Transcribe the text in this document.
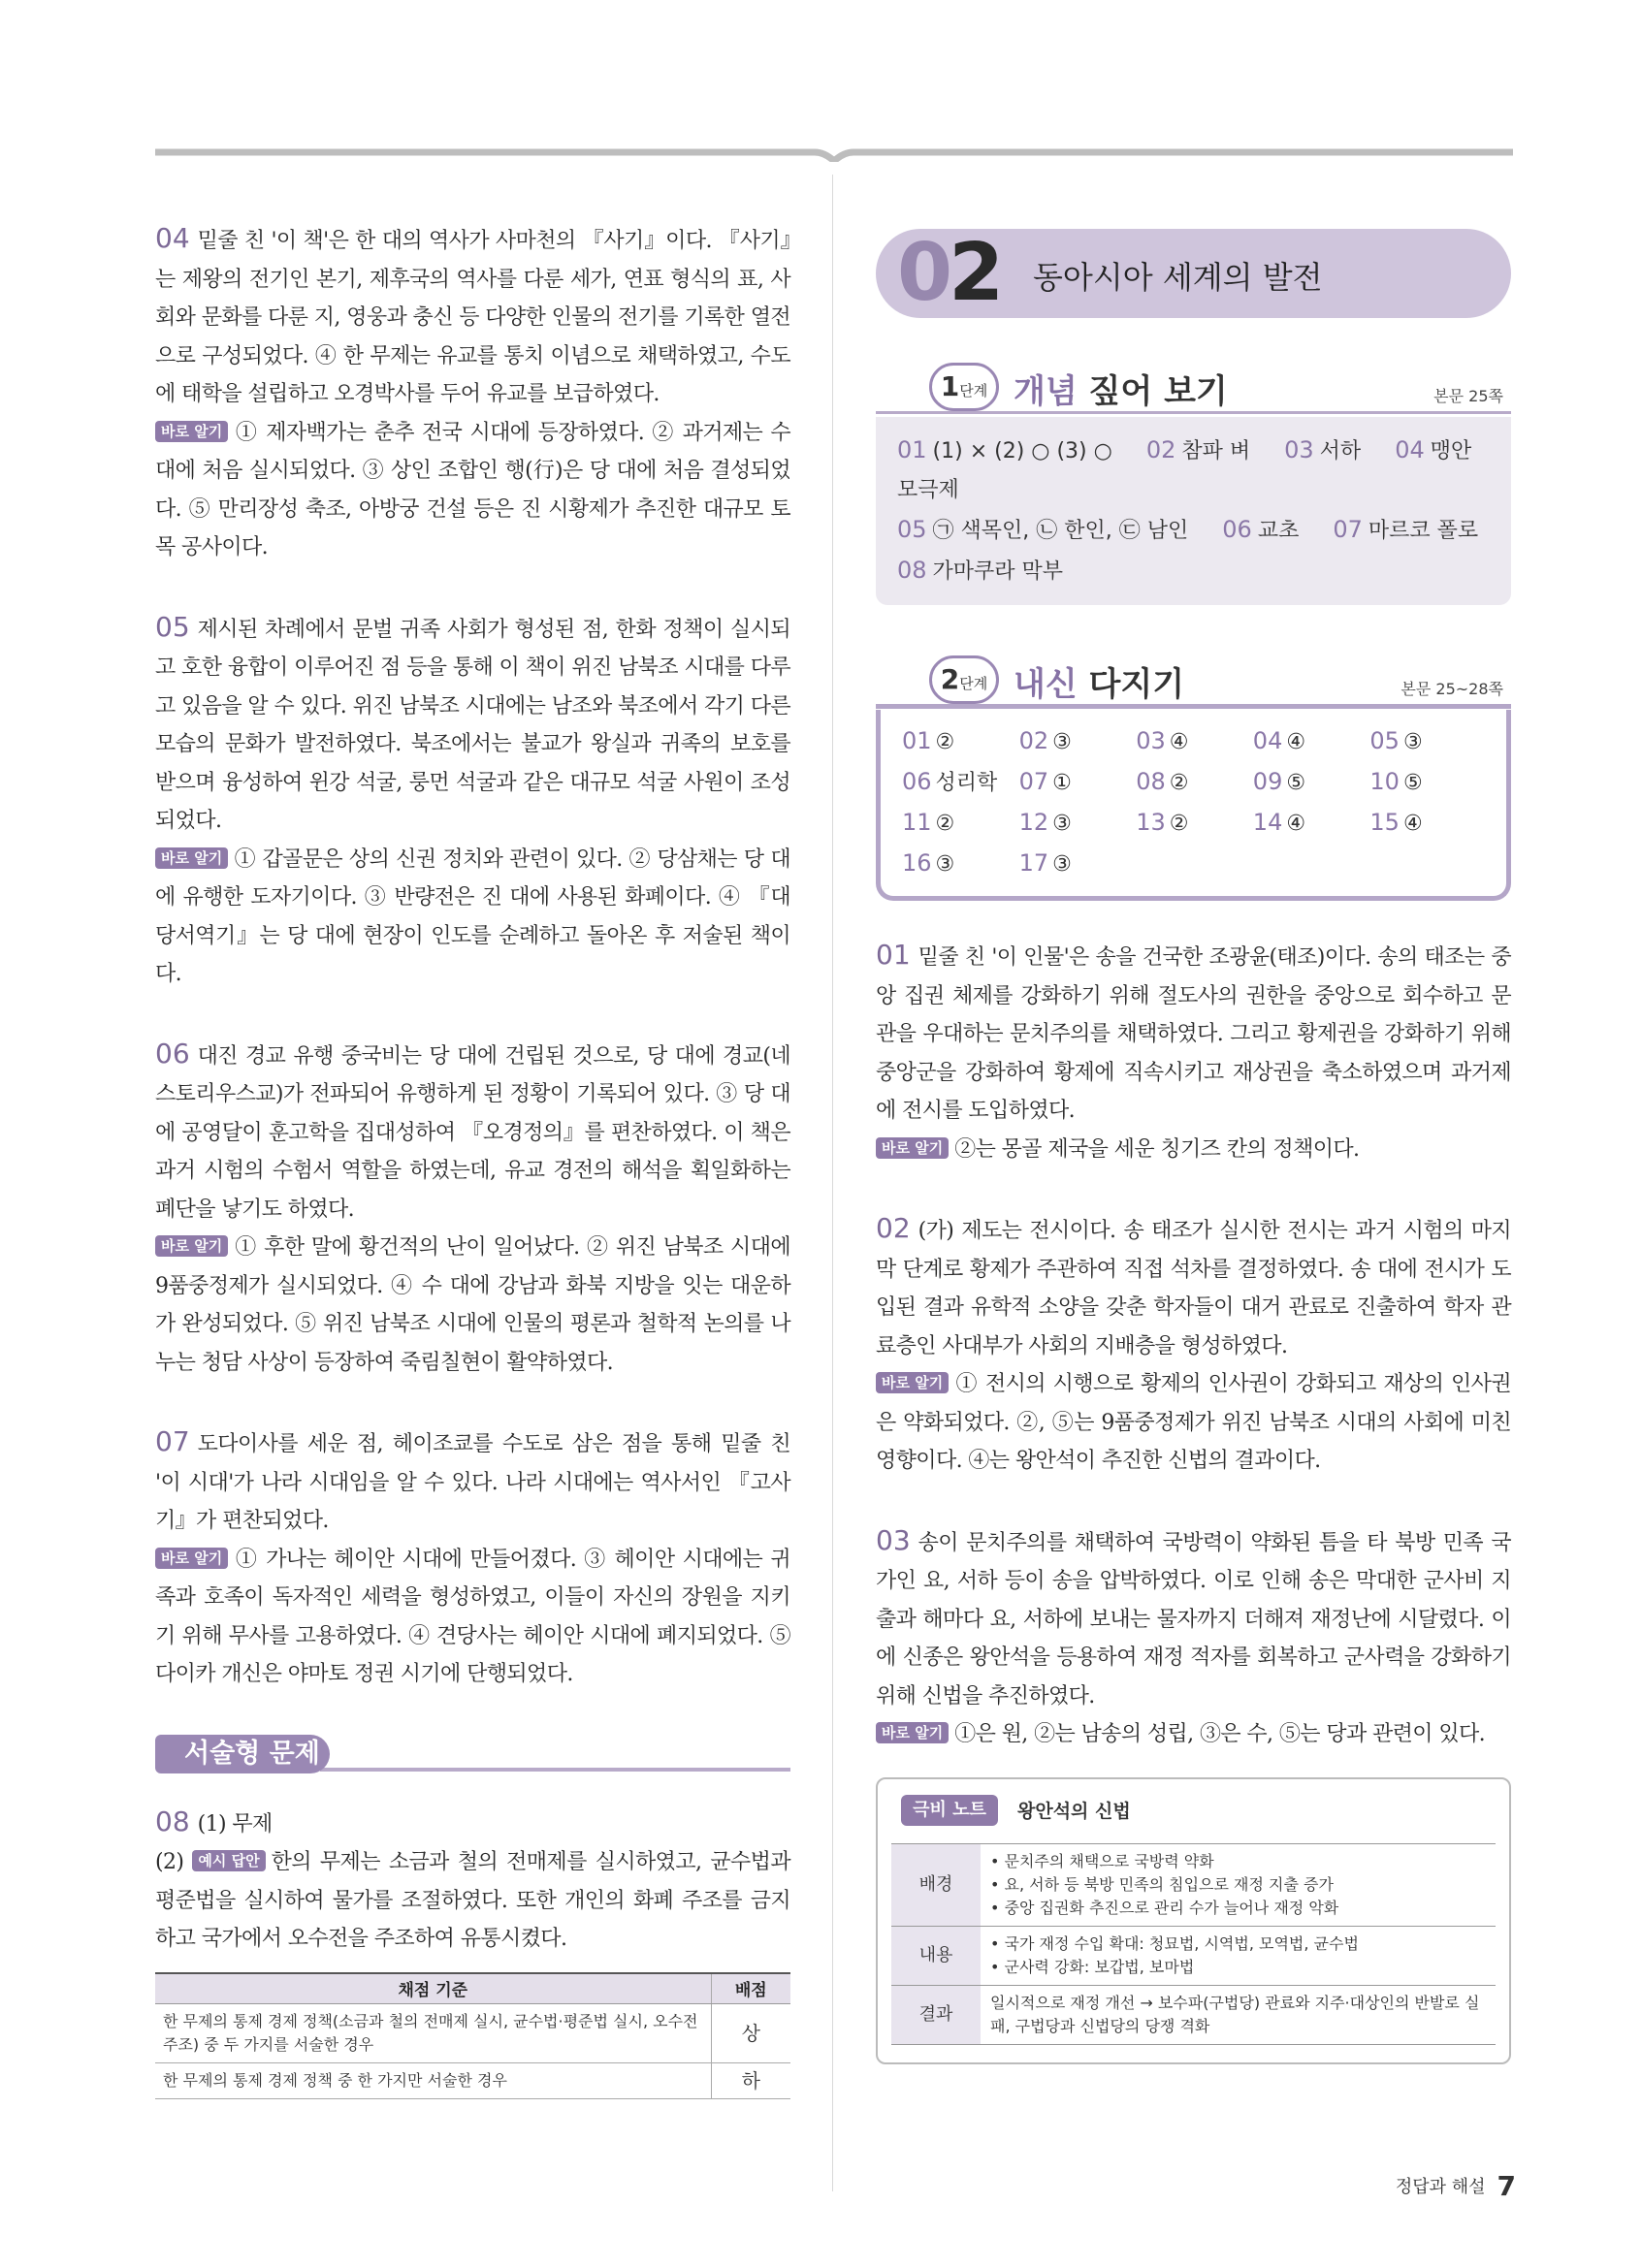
04 밑줄 친 '이 책'은 한 대의 역사가 사마천의 『사기』이다. 『사기』는 제왕의 전기인 본기, 제후국의 역사를 다룬 세가, 연표 형식의 표, 사회와 문화를 다룬 지, 영웅과 충신 등 다양한 인물의 전기를 기록한 열전으로 구성되었다. ④ 한 무제는 유교를 통치 이념으로 채택하였고, 수도에 태학을 설립하고 오경박사를 두어 유교를 보급하였다.

바로 알기 ① 제자백가는 춘추 전국 시대에 등장하였다. ② 과거제는 수 대에 처음 실시되었다. ③ 상인 조합인 행(行)은 당 대에 처음 결성되었다. ⑤ 만리장성 축조, 아방궁 건설 등은 진 시황제가 추진한 대규모 토목 공사이다.

05 제시된 차례에서 문벌 귀족 사회가 형성된 점, 한화 정책이 실시되고 호한 융합이 이루어진 점 등을 통해 이 책이 위진 남북조 시대를 다루고 있음을 알 수 있다. 위진 남북조 시대에는 남조와 북조에서 각기 다른 모습의 문화가 발전하였다. 북조에서는 불교가 왕실과 귀족의 보호를 받으며 융성하여 윈강 석굴, 룽먼 석굴과 같은 대규모 석굴 사원이 조성되었다.

바로 알기 ① 갑골문은 상의 신권 정치와 관련이 있다. ② 당삼채는 당 대에 유행한 도자기이다. ③ 반량전은 진 대에 사용된 화폐이다. ④ 『대당서역기』는 당 대에 현장이 인도를 순례하고 돌아온 후 저술된 책이다.

06 대진 경교 유행 중국비는 당 대에 건립된 것으로, 당 대에 경교(네스토리우스교)가 전파되어 유행하게 된 정황이 기록되어 있다. ③ 당 대에 공영달이 훈고학을 집대성하여 『오경정의』를 편찬하였다. 이 책은 과거 시험의 수험서 역할을 하였는데, 유교 경전의 해석을 획일화하는 폐단을 낳기도 하였다.

바로 알기 ① 후한 말에 황건적의 난이 일어났다. ② 위진 남북조 시대에 9품중정제가 실시되었다. ④ 수 대에 강남과 화북 지방을 잇는 대운하가 완성되었다. ⑤ 위진 남북조 시대에 인물의 평론과 철학적 논의를 나누는 청담 사상이 등장하여 죽림칠현이 활약하였다.

07 도다이사를 세운 점, 헤이조쿄를 수도로 삼은 점을 통해 밑줄 친 '이 시대'가 나라 시대임을 알 수 있다. 나라 시대에는 역사서인 『고사기』가 편찬되었다.

바로 알기 ① 가나는 헤이안 시대에 만들어졌다. ③ 헤이안 시대에는 귀족과 호족이 독자적인 세력을 형성하였고, 이들이 자신의 장원을 지키기 위해 무사를 고용하였다. ④ 견당사는 헤이안 시대에 폐지되었다. ⑤ 다이카 개신은 야마토 정권 시기에 단행되었다.

서술형 문제

08 (1) 무제

(2) 예시 답안 한의 무제는 소금과 철의 전매제를 실시하였고, 균수법과 평준법을 실시하여 물가를 조절하였다. 또한 개인의 화폐 주조를 금지하고 국가에서 오수전을 주조하여 유통시켰다.

채점 기준	배점
한 무제의 통제 경제 정책(소금과 철의 전매제 실시, 균수법·평준법 실시, 오수전 주조) 중 두 가지를 서술한 경우	상
한 무제의 통제 경제 정책 중 한 가지만 서술한 경우	하
02 동아시아 세계의 발전
1단계 개념 짚어 보기	본문 25쪽
01 (1) × (2) ○ (3) ○ 02 참파 벼 03 서하 04 맹안 모극제
05 ㉠ 색목인, ㉡ 한인, ㉢ 남인 06 교초 07 마르코 폴로
08 가마쿠라 막부
2단계 내신 다지기	본문 25~28쪽
01 ②	02 ③	03 ④	04 ④	05 ③
06 성리학 07 ①	08 ②	09 ⑤	10 ⑤
11 ②	12 ③	13 ②	14 ④	15 ④
16 ③	17 ③

01 밑줄 친 '이 인물'은 송을 건국한 조광윤(태조)이다. 송의 태조는 중앙 집권 체제를 강화하기 위해 절도사의 권한을 중앙으로 회수하고 문관을 우대하는 문치주의를 채택하였다. 그리고 황제권을 강화하기 위해 중앙군을 강화하여 황제에 직속시키고 재상권을 축소하였으며 과거제에 전시를 도입하였다.

바로 알기 ②는 몽골 제국을 세운 칭기즈 칸의 정책이다.

02 (가) 제도는 전시이다. 송 태조가 실시한 전시는 과거 시험의 마지막 단계로 황제가 주관하여 직접 석차를 결정하였다. 송 대에 전시가 도입된 결과 유학적 소양을 갖춘 학자들이 대거 관료로 진출하여 학자 관료층인 사대부가 사회의 지배층을 형성하였다.

바로 알기 ① 전시의 시행으로 황제의 인사권이 강화되고 재상의 인사권은 약화되었다. ②, ⑤는 9품중정제가 위진 남북조 시대의 사회에 미친 영향이다. ④는 왕안석이 추진한 신법의 결과이다.

03 송이 문치주의를 채택하여 국방력이 약화된 틈을 타 북방 민족 국가인 요, 서하 등이 송을 압박하였다. 이로 인해 송은 막대한 군사비 지출과 해마다 요, 서하에 보내는 물자까지 더해져 재정난에 시달렸다. 이에 신종은 왕안석을 등용하여 재정 적자를 회복하고 군사력을 강화하기 위해 신법을 추진하였다.

바로 알기 ①은 원, ②는 남송의 성립, ③은 수, ⑤는 당과 관련이 있다.

극비 노트	왕안석의 신법
배경	• 문치주의 채택으로 국방력 약화
• 요, 서하 등 북방 민족의 침입으로 재정 지출 증가
• 중앙 집권화 추진으로 관리 수가 늘어나 재정 악화

내용	• 국가 재정 수입 확대: 청묘법, 시역법, 모역법, 균수법
• 군사력 강화: 보갑법, 보마법

결과	일시적으로 재정 개선 → 보수파(구법당) 관료와 지주·대상인의 반발로 실패, 구법당과 신법당의 당쟁 격화
정답과 해설 7
